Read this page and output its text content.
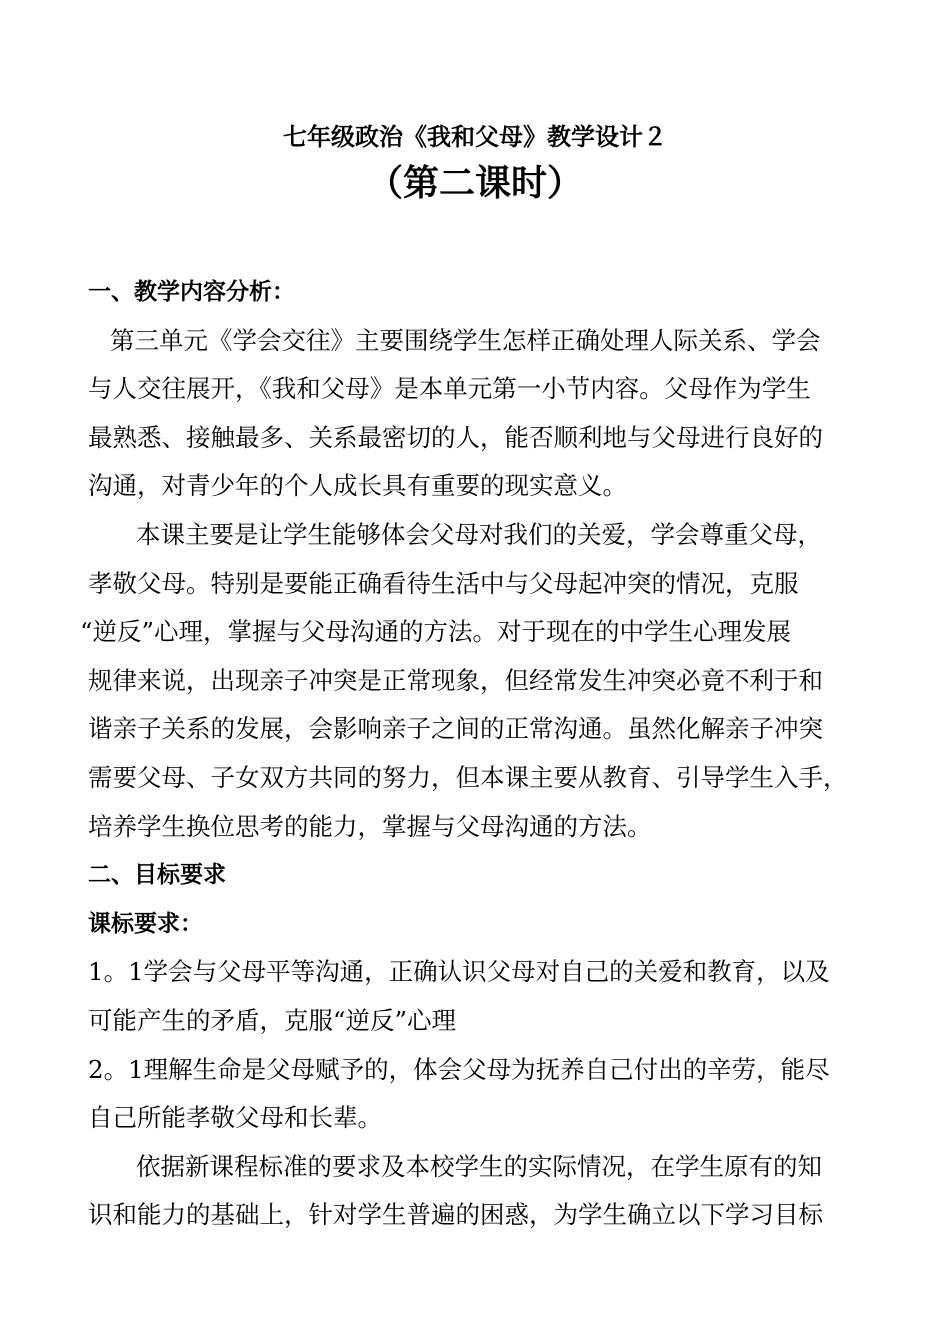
七年级政治《我和父母》教学设计２
（第二课时）
一、教学内容分析：
第三单元《学会交往》主要围绕学生怎样正确处理人际关系、学会
与人交往展开，《我和父母》是本单元第一小节内容。父母作为学生
最熟悉、接触最多、关系最密切的人，能否顺利地与父母进行良好的
沟通，对青少年的个人成长具有重要的现实意义。
本课主要是让学生能够体会父母对我们的关爱，学会尊重父母，
孝敬父母。特别是要能正确看待生活中与父母起冲突的情况，克服
“逆反”心理，掌握与父母沟通的方法。对于现在的中学生心理发展
规律来说，出现亲子冲突是正常现象，但经常发生冲突必竟不利于和
谐亲子关系的发展，会影响亲子之间的正常沟通。虽然化解亲子冲突
需要父母、子女双方共同的努力，但本课主要从教育、引导学生入手，
培养学生换位思考的能力，掌握与父母沟通的方法。
二、目标要求
课标要求：
1。1学会与父母平等沟通，正确认识父母对自己的关爱和教育，以及
可能产生的矛盾，克服“逆反”心理
2。1理解生命是父母赋予的，体会父母为抚养自己付出的辛劳，能尽
自己所能孝敬父母和长辈。
依据新课程标准的要求及本校学生的实际情况，在学生原有的知
识和能力的基础上，针对学生普遍的困惑，为学生确立以下学习目标
